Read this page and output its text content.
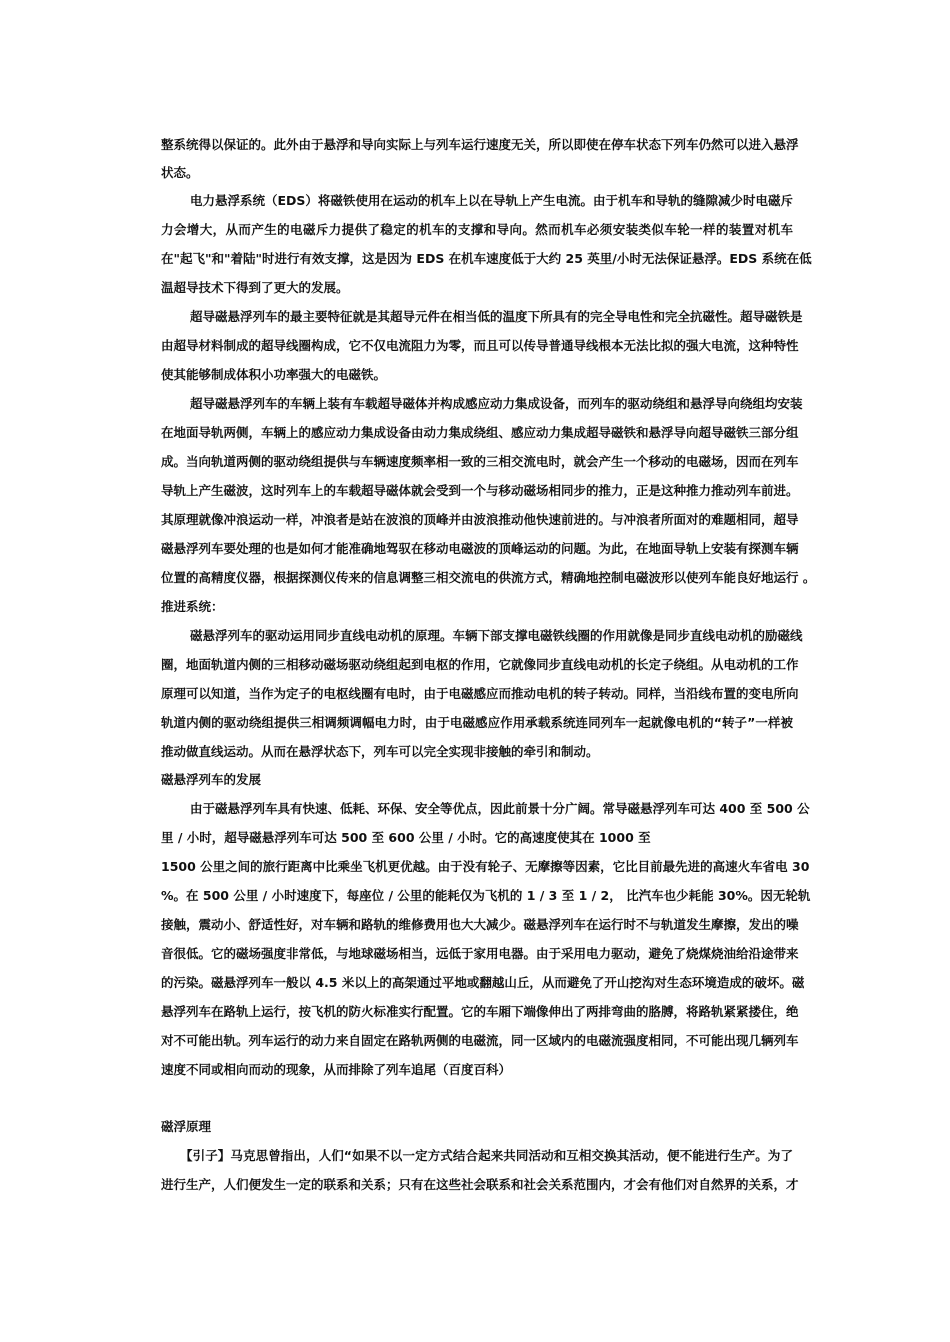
整系统得以保证的。此外由于悬浮和导向实际上与列车运行速度无关，所以即使在停车状态下列车仍然可以进入悬浮
状态。
电力悬浮系统（EDS）将磁铁使用在运动的机车上以在导轨上产生电流。由于机车和导轨的缝隙减少时电磁斥
力会增大，从而产生的电磁斥力提供了稳定的机车的支撑和导向。然而机车必须安装类似车轮一样的装置对机车
在"起飞"和"着陆"时进行有效支撑，这是因为 EDS 在机车速度低于大约 25 英里/小时无法保证悬浮。EDS 系统在低
温超导技术下得到了更大的发展。
超导磁悬浮列车的最主要特征就是其超导元件在相当低的温度下所具有的完全导电性和完全抗磁性。超导磁铁是
由超导材料制成的超导线圈构成，它不仅电流阻力为零，而且可以传导普通导线根本无法比拟的强大电流，这种特性
使其能够制成体积小功率强大的电磁铁。
超导磁悬浮列车的车辆上装有车载超导磁体并构成感应动力集成设备，而列车的驱动绕组和悬浮导向绕组均安装
在地面导轨两侧，车辆上的感应动力集成设备由动力集成绕组、感应动力集成超导磁铁和悬浮导向超导磁铁三部分组
成。当向轨道两侧的驱动绕组提供与车辆速度频率相一致的三相交流电时，就会产生一个移动的电磁场，因而在列车
导轨上产生磁波，这时列车上的车载超导磁体就会受到一个与移动磁场相同步的推力，正是这种推力推动列车前进。
其原理就像冲浪运动一样，冲浪者是站在波浪的顶峰并由波浪推动他快速前进的。与冲浪者所面对的难题相同，超导
磁悬浮列车要处理的也是如何才能准确地驾驭在移动电磁波的顶峰运动的问题。为此，在地面导轨上安装有探测车辆
位置的高精度仪器，根据探测仪传来的信息调整三相交流电的供流方式，精确地控制电磁波形以使列车能良好地运行 。
推进系统：
磁悬浮列车的驱动运用同步直线电动机的原理。车辆下部支撑电磁铁线圈的作用就像是同步直线电动机的励磁线
圈，地面轨道内侧的三相移动磁场驱动绕组起到电枢的作用，它就像同步直线电动机的长定子绕组。从电动机的工作
原理可以知道，当作为定子的电枢线圈有电时，由于电磁感应而推动电机的转子转动。同样，当沿线布置的变电所向
轨道内侧的驱动绕组提供三相调频调幅电力时，由于电磁感应作用承载系统连同列车一起就像电机的“转子”一样被
推动做直线运动。从而在悬浮状态下，列车可以完全实现非接触的牵引和制动。
磁悬浮列车的发展
由于磁悬浮列车具有快速、低耗、环保、安全等优点，因此前景十分广阔。常导磁悬浮列车可达 400 至 500 公
里 / 小时，超导磁悬浮列车可达 500 至 600 公里 / 小时。它的高速度使其在 1000 至
1500 公里之间的旅行距离中比乘坐飞机更优越。由于没有轮子、无摩擦等因素，它比目前最先进的高速火车省电 30
%。在 500 公里 / 小时速度下，每座位 / 公里的能耗仅为飞机的 1 / 3 至 1 / 2， 比汽车也少耗能 30%。因无轮轨
接触，震动小、舒适性好，对车辆和路轨的维修费用也大大减少。磁悬浮列车在运行时不与轨道发生摩擦，发出的噪
音很低。它的磁场强度非常低，与地球磁场相当，远低于家用电器。由于采用电力驱动，避免了烧煤烧油给沿途带来
的污染。磁悬浮列车一般以 4.5 米以上的高架通过平地或翻越山丘，从而避免了开山挖沟对生态环境造成的破坏。磁
悬浮列车在路轨上运行，按飞机的防火标准实行配置。它的车厢下端像伸出了两排弯曲的胳膊，将路轨紧紧搂住，绝
对不可能出轨。列车运行的动力来自固定在路轨两侧的电磁流，同一区域内的电磁流强度相同，不可能出现几辆列车
速度不同或相向而动的现象，从而排除了列车追尾（百度百科）
磁浮原理
【引子】马克思曾指出，人们“如果不以一定方式结合起来共同活动和互相交换其活动，便不能进行生产。为了
进行生产，人们便发生一定的联系和关系；只有在这些社会联系和社会关系范围内，才会有他们对自然界的关系，才
